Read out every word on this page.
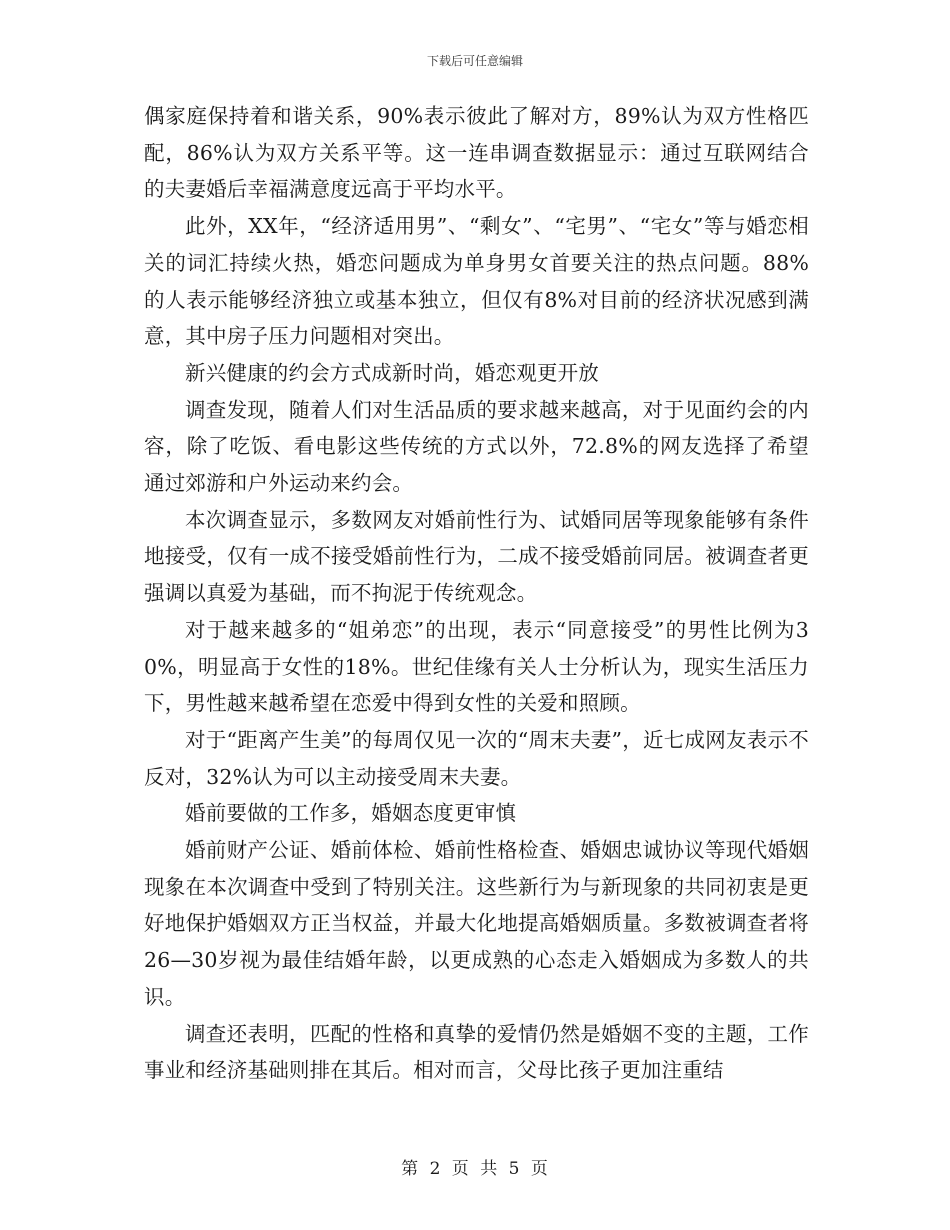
下载后可任意编辑

偶家庭保持着和谐关系，90%表示彼此了解对方，89%认为双方性格匹配，86%认为双方关系平等。这一连串调查数据显示：通过互联网结合的夫妻婚后幸福满意度远高于平均水平。

此外，XX年，“经济适用男”、“剩女”、“宅男”、“宅女”等与婚恋相关的词汇持续火热，婚恋问题成为单身男女首要关注的热点问题。88%的人表示能够经济独立或基本独立，但仅有8%对目前的经济状况感到满意，其中房子压力问题相对突出。

新兴健康的约会方式成新时尚，婚恋观更开放

调查发现，随着人们对生活品质的要求越来越高，对于见面约会的内容，除了吃饭、看电影这些传统的方式以外，72.8%的网友选择了希望通过郊游和户外运动来约会。

本次调查显示，多数网友对婚前性行为、试婚同居等现象能够有条件地接受，仅有一成不接受婚前性行为，二成不接受婚前同居。被调查者更强调以真爱为基础，而不拘泥于传统观念。

对于越来越多的“姐弟恋”的出现，表示“同意接受”的男性比例为30%，明显高于女性的18%。世纪佳缘有关人士分析认为，现实生活压力下，男性越来越希望在恋爱中得到女性的关爱和照顾。

对于“距离产生美”的每周仅见一次的“周末夫妻”，近七成网友表示不反对，32%认为可以主动接受周末夫妻。

婚前要做的工作多，婚姻态度更审慎

婚前财产公证、婚前体检、婚前性格检查、婚姻忠诚协议等现代婚姻现象在本次调查中受到了特别关注。这些新行为与新现象的共同初衷是更好地保护婚姻双方正当权益，并最大化地提高婚姻质量。多数被调查者将26—30岁视为最佳结婚年龄，以更成熟的心态走入婚姻成为多数人的共识。

调查还表明，匹配的性格和真挚的爱情仍然是婚姻不变的主题，工作事业和经济基础则排在其后。相对而言，父母比孩子更加注重结

第 2 页 共 5 页
